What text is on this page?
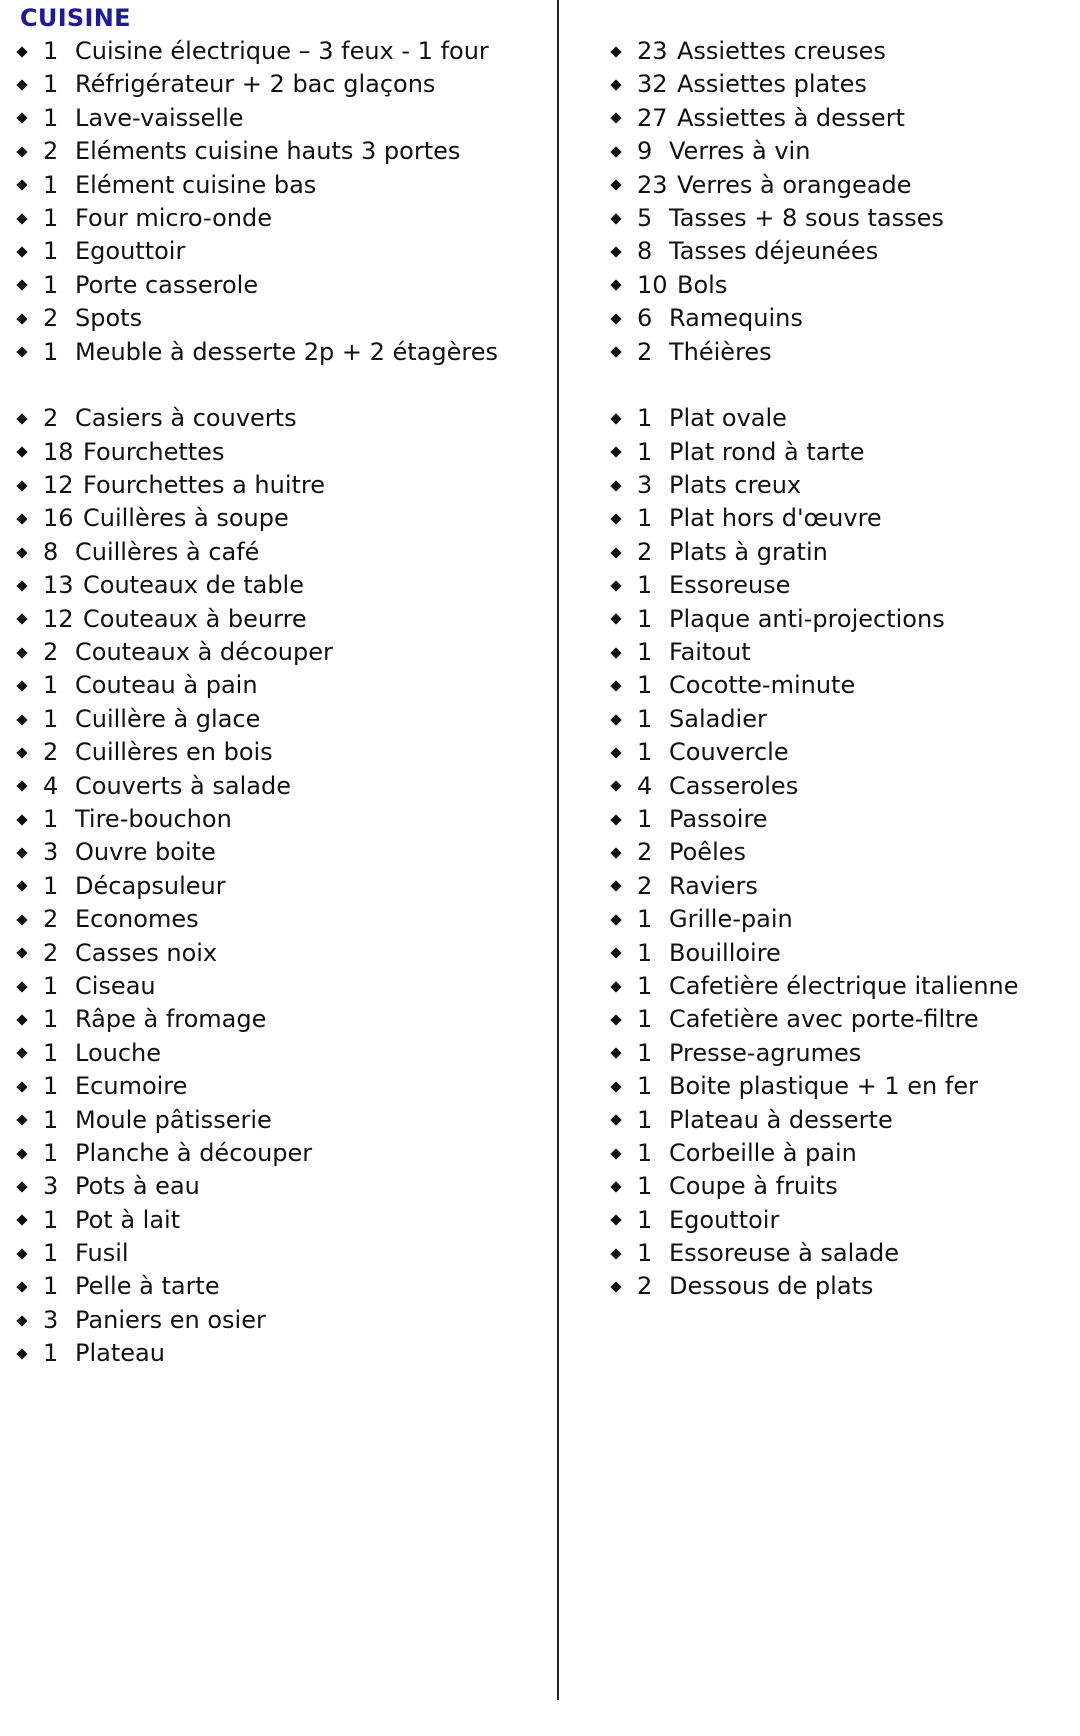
CUISINE
1 Cuisine électrique – 3 feux - 1 four
1 Réfrigérateur + 2 bac glaçons
1 Lave-vaisselle
2 Eléments cuisine hauts 3 portes
1 Elément cuisine bas
1 Four micro-onde
1 Egouttoir
1 Porte casserole
2 Spots
1 Meuble à desserte 2p + 2 étagères
2 Casiers à couverts
18 Fourchettes
12 Fourchettes a huitre
16 Cuillères à soupe
8 Cuillères à café
13 Couteaux de table
12 Couteaux à beurre
2 Couteaux à découper
1 Couteau à pain
1 Cuillère à glace
2 Cuillères en bois
4 Couverts à salade
1 Tire-bouchon
3 Ouvre boite
1 Décapsuleur
2 Economes
2 Casses noix
1 Ciseau
1 Râpe à fromage
1 Louche
1 Ecumoire
1 Moule pâtisserie
1 Planche à découper
3 Pots à eau
1 Pot à lait
1 Fusil
1 Pelle à tarte
3 Paniers en osier
1 Plateau
23 Assiettes creuses
32 Assiettes plates
27 Assiettes à dessert
9 Verres à vin
23 Verres à orangeade
5 Tasses + 8 sous tasses
8 Tasses déjeunées
10 Bols
6 Ramequins
2 Théières
1 Plat ovale
1 Plat rond à tarte
3 Plats creux
1 Plat hors d'œuvre
2 Plats à gratin
1 Essoreuse
1 Plaque anti-projections
1 Faitout
1 Cocotte-minute
1 Saladier
1 Couvercle
4 Casseroles
1 Passoire
2 Poêles
2 Raviers
1 Grille-pain
1 Bouilloire
1 Cafetière électrique italienne
1 Cafetière avec porte-filtre
1 Presse-agrumes
1 Boite plastique + 1 en fer
1 Plateau à desserte
1 Corbeille à pain
1 Coupe à fruits
1 Egouttoir
1 Essoreuse à salade
2 Dessous de plats
